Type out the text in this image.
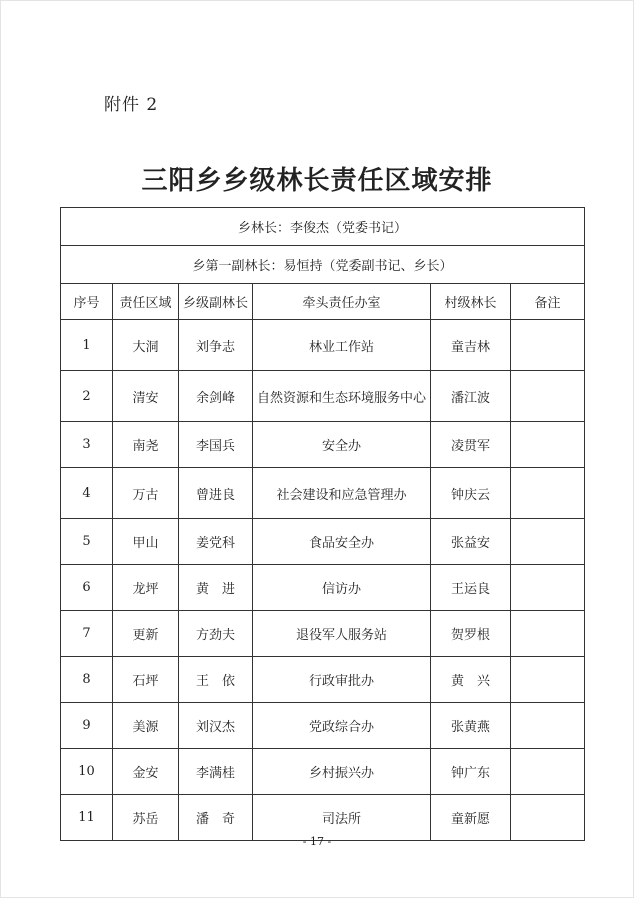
附件 2
三阳乡乡级林长责任区域安排
乡林长：李俊杰（党委书记）					
乡第一副林长：易恒持（党委副书记、乡长）					
序号	责任区域	乡级副林长	牵头责任办室	村级林长	备注
1	大洞	刘争志	林业工作站	童吉林	
2	清安	余剑峰	自然资源和生态环境服务中心	潘江波	
3	南尧	李国兵	安全办	凌贯军	
4	万古	曾进良	社会建设和应急管理办	钟庆云	
5	甲山	姜党科	食品安全办	张益安	
6	龙坪	黄　进	信访办	王运良	
7	更新	方劲夫	退役军人服务站	贺罗根	
8	石坪	王　依	行政审批办	黄　兴	
9	美源	刘汉杰	党政综合办	张黄燕	
10	金安	李满桂	乡村振兴办	钟广东	
11	苏岳	潘　奇	司法所	童新愿	
- 17 -
